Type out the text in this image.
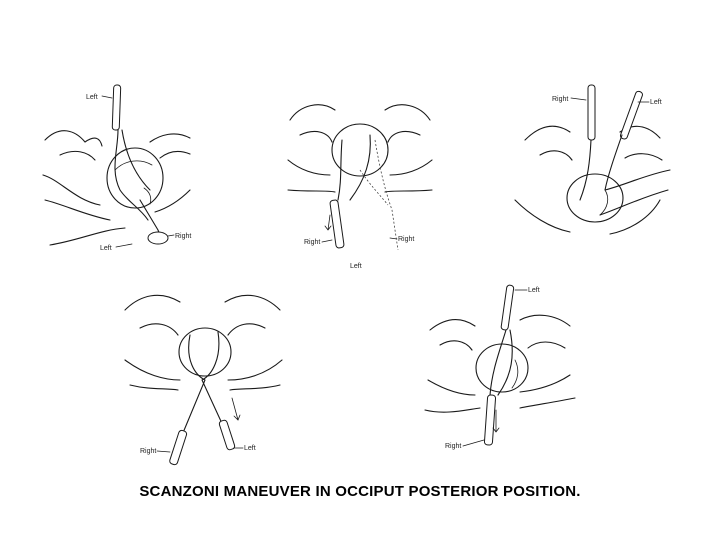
Left
Right
Left
Right	Right
Left
Right	Left
Right	Left
Left
Right
SCANZONI MANEUVER IN OCCIPUT POSTERIOR POSITION.
